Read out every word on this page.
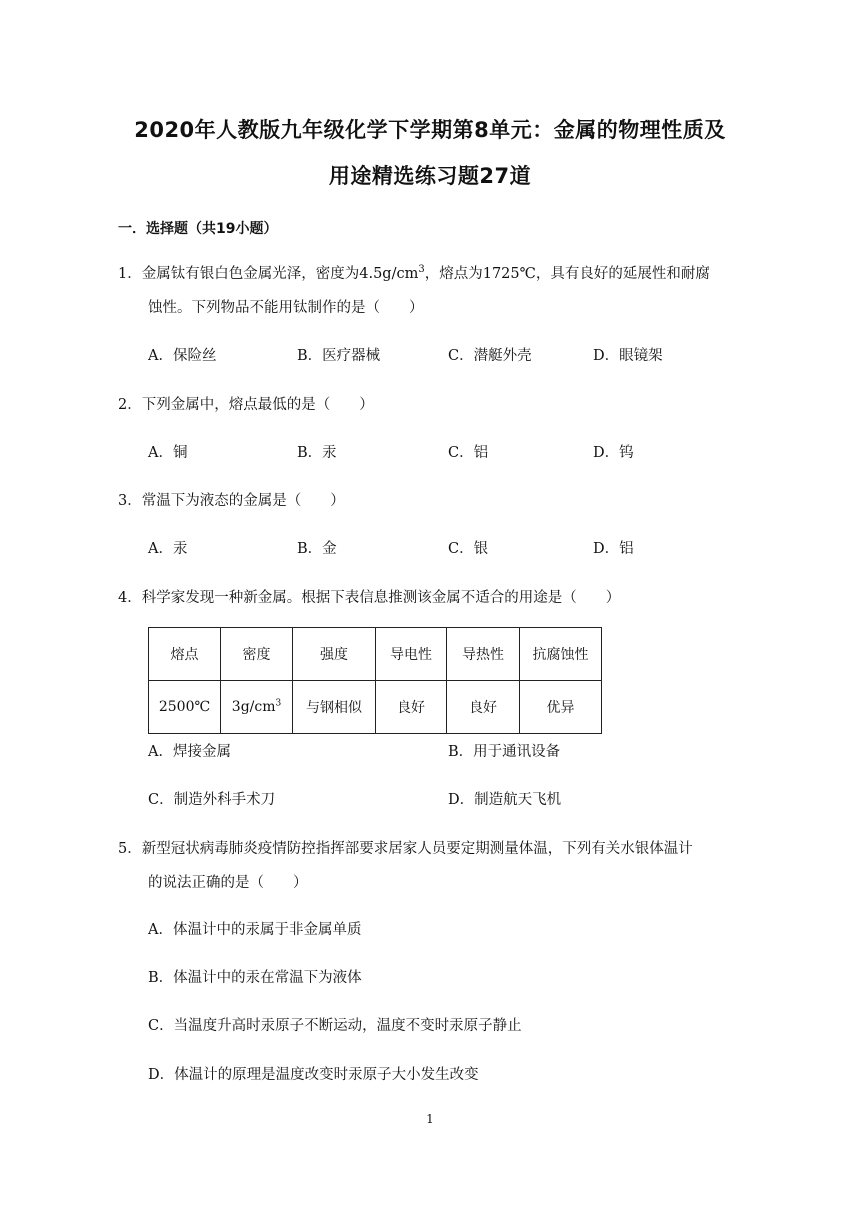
2020年人教版九年级化学下学期第8单元：金属的物理性质及
用途精选练习题27道
一．选择题（共19小题）
1．金属钛有银白色金属光泽，密度为$4.5g/cm^3$，熔点为1725℃，具有良好的延展性和耐腐
蚀性。下列物品不能用钛制作的是（　　）
A．保险丝	B．医疗器械	C．潜艇外壳	D．眼镜架
2．下列金属中，熔点最低的是（　　）
A．铜	B．汞	C．铝	D．钨
3．常温下为液态的金属是（　　）
A．汞	B．金	C．银	D．铝
4．科学家发现一种新金属。根据下表信息推测该金属不适合的用途是（　　）
熔点	密度	强度	导电性	导热性	抗腐蚀性
2500℃	$3g/cm^3$	与钢相似	良好	良好	优异
A．焊接金属	B．用于通讯设备
C．制造外科手术刀	D．制造航天飞机
5．新型冠状病毒肺炎疫情防控指挥部要求居家人员要定期测量体温，下列有关水银体温计
的说法正确的是（　　）
A．体温计中的汞属于非金属单质
B．体温计中的汞在常温下为液体
C．当温度升高时汞原子不断运动，温度不变时汞原子静止
D．体温计的原理是温度改变时汞原子大小发生改变
1
